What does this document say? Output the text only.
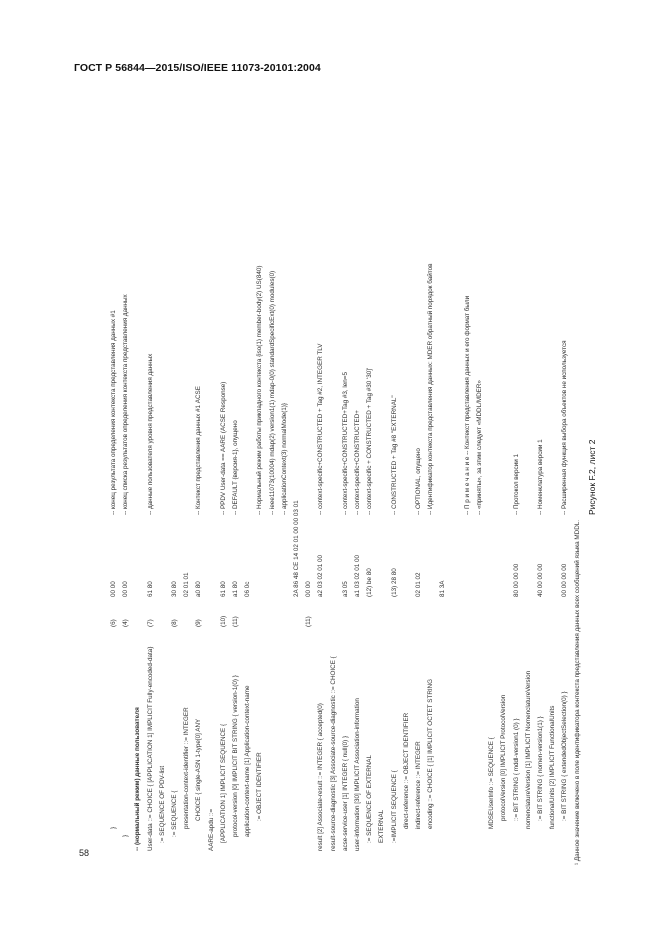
ГОСТ Р 56844—2015/ISO/IEEE 11073-20101:2004
Рисунок F.2, лист 2
}
(6)
00 00
-- конец результата определения контекста представления данных #1
}
(4)
00 00
-- конец списка результатов определения контекста представления данных
-- (нормальный режим) данные пользователя User-data ::= CHOICE { [APPLICATION 1] IMPLICIT Fully-encoded-data}
(7)
61 80
-- данные пользователя уровня представления данных
:= SEQUENCE OF PDV-list := SEQUENCE {
(8)
30 80
presentation-context-identifier ::= INTEGER
02 01 01
CHOICE { single-ASN 1-type[0] ANY
(9)
a0 80
-- Контекст представления данных #1 ACSE
AARE-apdu ::= [APPLICATION 1] IMPLICIT SEQUENCE {
(10)
61 80
-- PPDV User-data == AARE (ACSE Response)
protocol-version [0] IMPLICIT BIT STRING { version-1(0) }
(11)
a1 80
-- DEFAULT {версия-1}, опущено
application-context-name [1] Application-context-name
06 0c
:= OBJECT IDENTIFIER
-- Нормальный режим работы прикладного контекста {iso(1) member-body(2) US(840) -- ieee11073(10004) mdap(2) version1(1) mdap-0(0) standardSpecificExt(0) modules(0) -- applicationContext(3) normalMode(1)}
2A 86 48 CE 14 02 01 00 00 03 01
(11)
00 00
result [2] Associate-result ::= INTEGER { accepted(0)
a2 03 02 01 00
-- context-specific+CONSTRUCTED + Tag #2, INTEGER TLV
result-source-diagnostic [3] Associate-source-diagnostic ::= CHOICE { acse-service-user [1] INTEGER { null(0) }
a3 05
-- context-specific+CONSTRUCTED+Tag #3, len=5
user-information [30] IMPLICIT Association-information
a1 03 02 01 00
-- context-specific+CONSTRUCTED+
:= SEQUENCE OF EXTERNAL
(12) be 80
-- context-specific + CONSTRUCTED + Tag #30 '30]'
EXTERNAL :=IMPLICIT SEQUENCE {
(13) 28 80
-- CONSTRUCTED + Tag #8 "EXTERNAL"
direct-reference ::= OBJECT IDENTIFIER indirect-reference ::= INTEGER
02 01 02
-- OPTIONAL, опущено
encoding ::= CHOICE { [1] IMPLICIT OCTET STRING
-- Идентификатор контекста представления данных: MDER обратный порядок байтов
81 3A
-- П р и м е ч а н и е -- Контекст представления данных и его формат были -- «приняты», за этим следует «MDDL/MDER»
MDSEUserInfo ::= SEQUENCE { protocolVersion [0] IMPLICIT ProtocolVersion ::= BIT STRING { mddl-version1 (0) }
80 00 00 00
-- Протокол версии 1
nomenclatureVersion [1] IMPLICIT NomenclatureVersion := BIT STRING { nomen-version1(1) }
40 00 00 00
-- Номенклатура версии 1
functionalUnits [2] IMPLICIT FunctionalUnits := BIT STRING { extendedObjectSelection(0) }
00 00 00 00
-- Расширенная функция выбора объектов не используется
¹ Данное значение включено в поле идентификатора контекста представления данных всех сообщений языка MDDL.
58
